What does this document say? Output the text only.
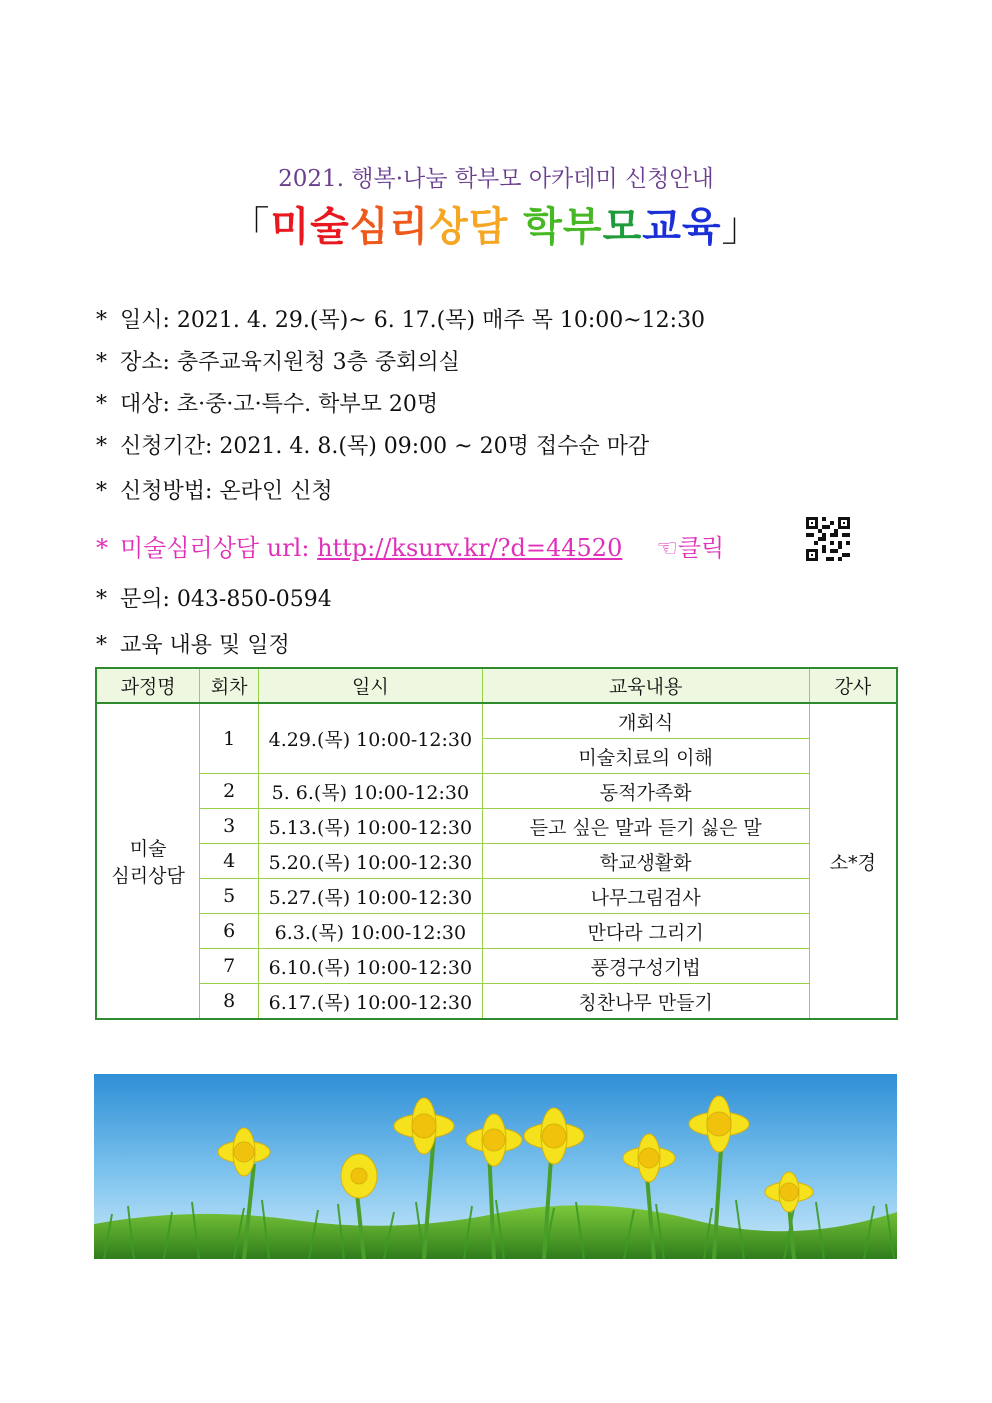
2021. 행복·나눔 학부모 아카데미 신청안내
「미술심리상담 학부모교육」
* 일시: 2021. 4. 29.(목)~ 6. 17.(목) 매주 목 10:00~12:30
* 장소: 충주교육지원청 3층 중회의실
* 대상: 초·중·고·특수. 학부모 20명
* 신청기간: 2021. 4. 8.(목) 09:00 ~ 20명 접수순 마감
* 신청방법: 온라인 신청
* 미술심리상담 url: http://ksurv.kr/?d=44520 ☜클릭
* 문의: 043-850-0594
* 교육 내용 및 일정
과정명	회차	일시	교육내용	강사

미술
심리상담	1	4.29.(목) 10:00-12:30	개회식	소*경
			미술치료의 이해	
	2	5. 6.(목) 10:00-12:30	동적가족화	
	3	5.13.(목) 10:00-12:30	듣고 싶은 말과 듣기 싫은 말	
	4	5.20.(목) 10:00-12:30	학교생활화	
	5	5.27.(목) 10:00-12:30	나무그림검사	
	6	6.3.(목) 10:00-12:30	만다라 그리기	
	7	6.10.(목) 10:00-12:30	풍경구성기법	
	8	6.17.(목) 10:00-12:30	칭찬나무 만들기	
